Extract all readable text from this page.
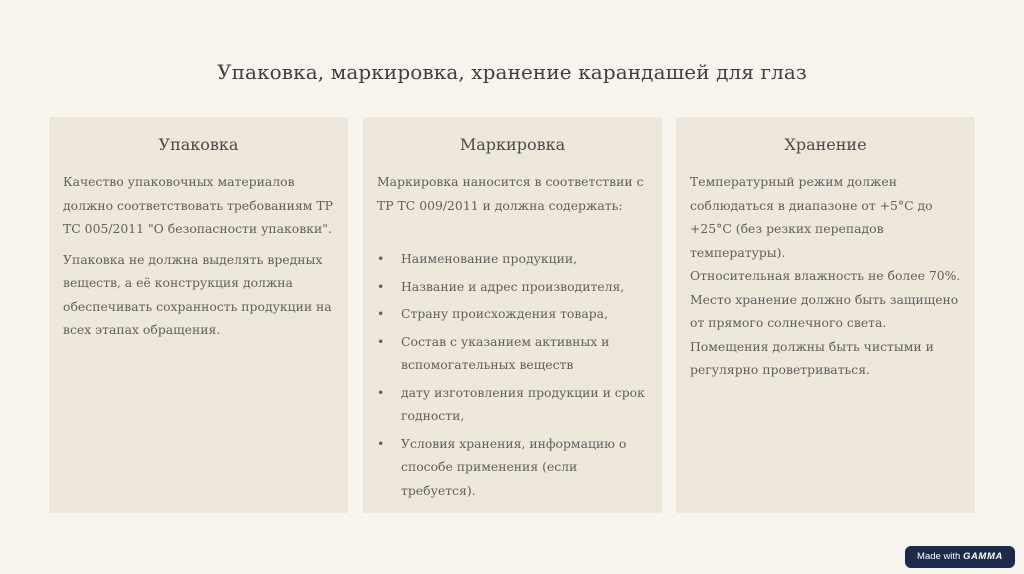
Упаковка, маркировка, хранение карандашей для глаз
Упаковка

Качество упаковочных материалов должно соответствовать требованиям ТР ТС 005/2011 "О безопасности упаковки".

Упаковка не должна выделять вредных веществ, а её конструкция должна обеспечивать сохранность продукции на всех этапах обращения.

Маркировка

Маркировка наносится в соответствии с ТР ТС 009/2011 и должна содержать:

• Наименование продукции,
• Название и адрес производителя,
• Страну происхождения товара,
• Состав с указанием активных и вспомогательных веществ
• дату изготовления продукции и срок годности,
• Условия хранения, информацию о способе применения (если требуется).
Хранение

Температурный режим должен соблюдаться в диапазоне от +5°C до +25°C (без резких перепадов температуры).

Относительная влажность не более 70%.

Место хранение должно быть защищено от прямого солнечного света.

Помещения должны быть чистыми и регулярно проветриваться.

Made with GAMMA
